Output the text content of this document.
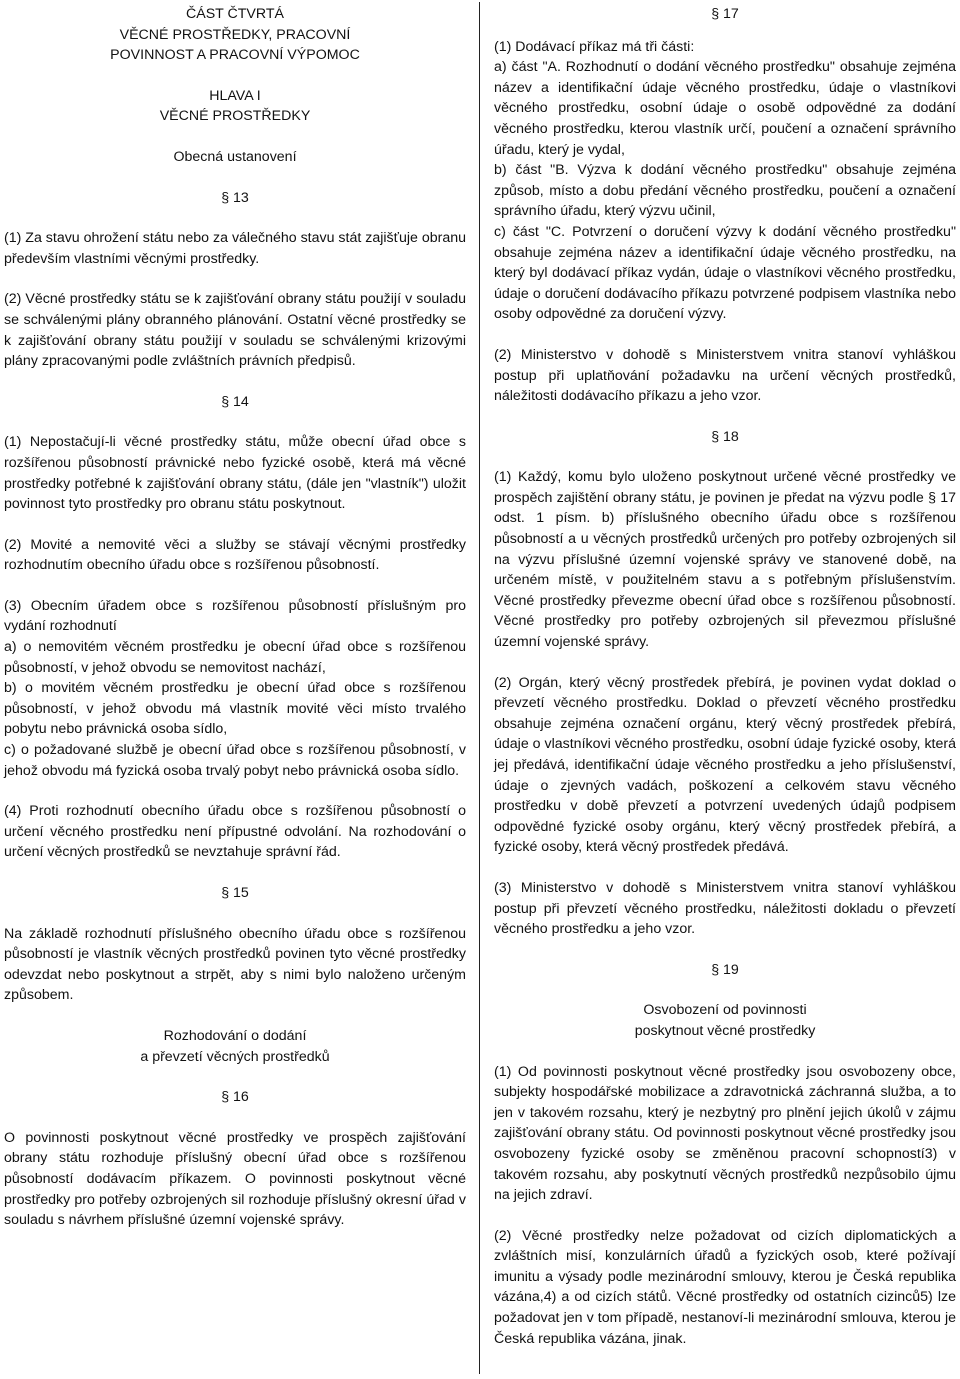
ČÁST ČTVRTÁ

VĚCNÉ PROSTŘEDKY, PRACOVNÍ

POVINNOST A PRACOVNÍ VÝPOMOC

HLAVA I

VĚCNÉ PROSTŘEDKY

Obecná ustanovení

§ 13

(1) Za stavu ohrožení státu nebo za válečného stavu stát zajišťuje obranu především vlastními věcnými prostředky.

(2) Věcné prostředky státu se k zajišťování obrany státu použijí v souladu se schválenými plány obranného plánování. Ostatní věcné prostředky se k zajišťování obrany státu použijí v souladu se schválenými krizovými plány zpracovanými podle zvláštních právních předpisů.

§ 14

(1) Nepostačují-li věcné prostředky státu, může obecní úřad obce s rozšířenou působností právnické nebo fyzické osobě, která má věcné prostředky potřebné k zajišťování obrany státu, (dále jen "vlastník") uložit povinnost tyto prostředky pro obranu státu poskytnout.

(2) Movité a nemovité věci a služby se stávají věcnými prostředky rozhodnutím obecního úřadu obce s rozšířenou působností.

(3) Obecním úřadem obce s rozšířenou působností příslušným pro vydání rozhodnutí

a) o nemovitém věcném prostředku je obecní úřad obce s rozšířenou působností, v jehož obvodu se nemovitost nachází,

b) o movitém věcném prostředku je obecní úřad obce s rozšířenou působností, v jehož obvodu má vlastník movité věci místo trvalého pobytu nebo právnická osoba sídlo,

c) o požadované službě je obecní úřad obce s rozšířenou působností, v jehož obvodu má fyzická osoba trvalý pobyt nebo právnická osoba sídlo.

(4) Proti rozhodnutí obecního úřadu obce s rozšířenou působností o určení věcného prostředku není přípustné odvolání. Na rozhodování o určení věcných prostředků se nevztahuje správní řád.

§ 15

Na základě rozhodnutí příslušného obecního úřadu obce s rozšířenou působností je vlastník věcných prostředků povinen tyto věcné prostředky odevzdat nebo poskytnout a strpět, aby s nimi bylo naloženo určeným způsobem.

Rozhodování o dodání

a převzetí věcných prostředků

§ 16

O povinnosti poskytnout věcné prostředky ve prospěch zajišťování obrany státu rozhoduje příslušný obecní úřad obce s rozšířenou působností dodávacím příkazem. O povinnosti poskytnout věcné prostředky pro potřeby ozbrojených sil rozhoduje příslušný okresní úřad v souladu s návrhem příslušné územní vojenské správy.

§ 17

(1) Dodávací příkaz má tři části:

a) část "A. Rozhodnutí o dodání věcného prostředku" obsahuje zejména název a identifikační údaje věcného prostředku, údaje o vlastníkovi věcného prostředku, osobní údaje o osobě odpovědné za dodání věcného prostředku, kterou vlastník určí, poučení a označení správního úřadu, který je vydal,

b) část "B. Výzva k dodání věcného prostředku" obsahuje zejména způsob, místo a dobu předání věcného prostředku, poučení a označení správního úřadu, který výzvu učinil,

c) část "C. Potvrzení o doručení výzvy k dodání věcného prostředku" obsahuje zejména název a identifikační údaje věcného prostředku, na který byl dodávací příkaz vydán, údaje o vlastníkovi věcného prostředku, údaje o doručení dodávacího příkazu potvrzené podpisem vlastníka nebo osoby odpovědné za doručení výzvy.

(2) Ministerstvo v dohodě s Ministerstvem vnitra stanoví vyhláškou postup při uplatňování požadavku na určení věcných prostředků, náležitosti dodávacího příkazu a jeho vzor.

§ 18

(1) Každý, komu bylo uloženo poskytnout určené věcné prostředky ve prospěch zajištění obrany státu, je povinen je předat na výzvu podle § 17 odst. 1 písm. b) příslušného obecního úřadu obce s rozšířenou působností a u věcných prostředků určených pro potřeby ozbrojených sil na výzvu příslušné územní vojenské správy ve stanovené době, na určeném místě, v použitelném stavu a s potřebným příslušenstvím. Věcné prostředky převezme obecní úřad obce s rozšířenou působností. Věcné prostředky pro potřeby ozbrojených sil převezmou příslušné územní vojenské správy.

(2) Orgán, který věcný prostředek přebírá, je povinen vydat doklad o převzetí věcného prostředku. Doklad o převzetí věcného prostředku obsahuje zejména označení orgánu, který věcný prostředek přebírá, údaje o vlastníkovi věcného prostředku, osobní údaje fyzické osoby, která jej předává, identifikační údaje věcného prostředku a jeho příslušenství, údaje o zjevných vadách, poškození a celkovém stavu věcného prostředku v době převzetí a potvrzení uvedených údajů podpisem odpovědné fyzické osoby orgánu, který věcný prostředek přebírá, a fyzické osoby, která věcný prostředek předává.

(3) Ministerstvo v dohodě s Ministerstvem vnitra stanoví vyhláškou postup při převzetí věcného prostředku, náležitosti dokladu o převzetí věcného prostředku a jeho vzor.

§ 19

Osvobození od povinnosti

poskytnout věcné prostředky

(1) Od povinnosti poskytnout věcné prostředky jsou osvobozeny obce, subjekty hospodářské mobilizace a zdravotnická záchranná služba, a to jen v takovém rozsahu, který je nezbytný pro plnění jejich úkolů v zájmu zajišťování obrany státu. Od povinnosti poskytnout věcné prostředky jsou osvobozeny fyzické osoby se změněnou pracovní schopností3) v takovém rozsahu, aby poskytnutí věcných prostředků nezpůsobilo újmu na jejich zdraví.

(2) Věcné prostředky nelze požadovat od cizích diplomatických a zvláštních misí, konzulárních úřadů a fyzických osob, které požívají imunitu a výsady podle mezinárodní smlouvy, kterou je Česká republika vázána,4) a od cizích států. Věcné prostředky od ostatních cizinců5) lze požadovat jen v tom případě, nestanoví-li mezinárodní smlouva, kterou je Česká republika vázána, jinak.
